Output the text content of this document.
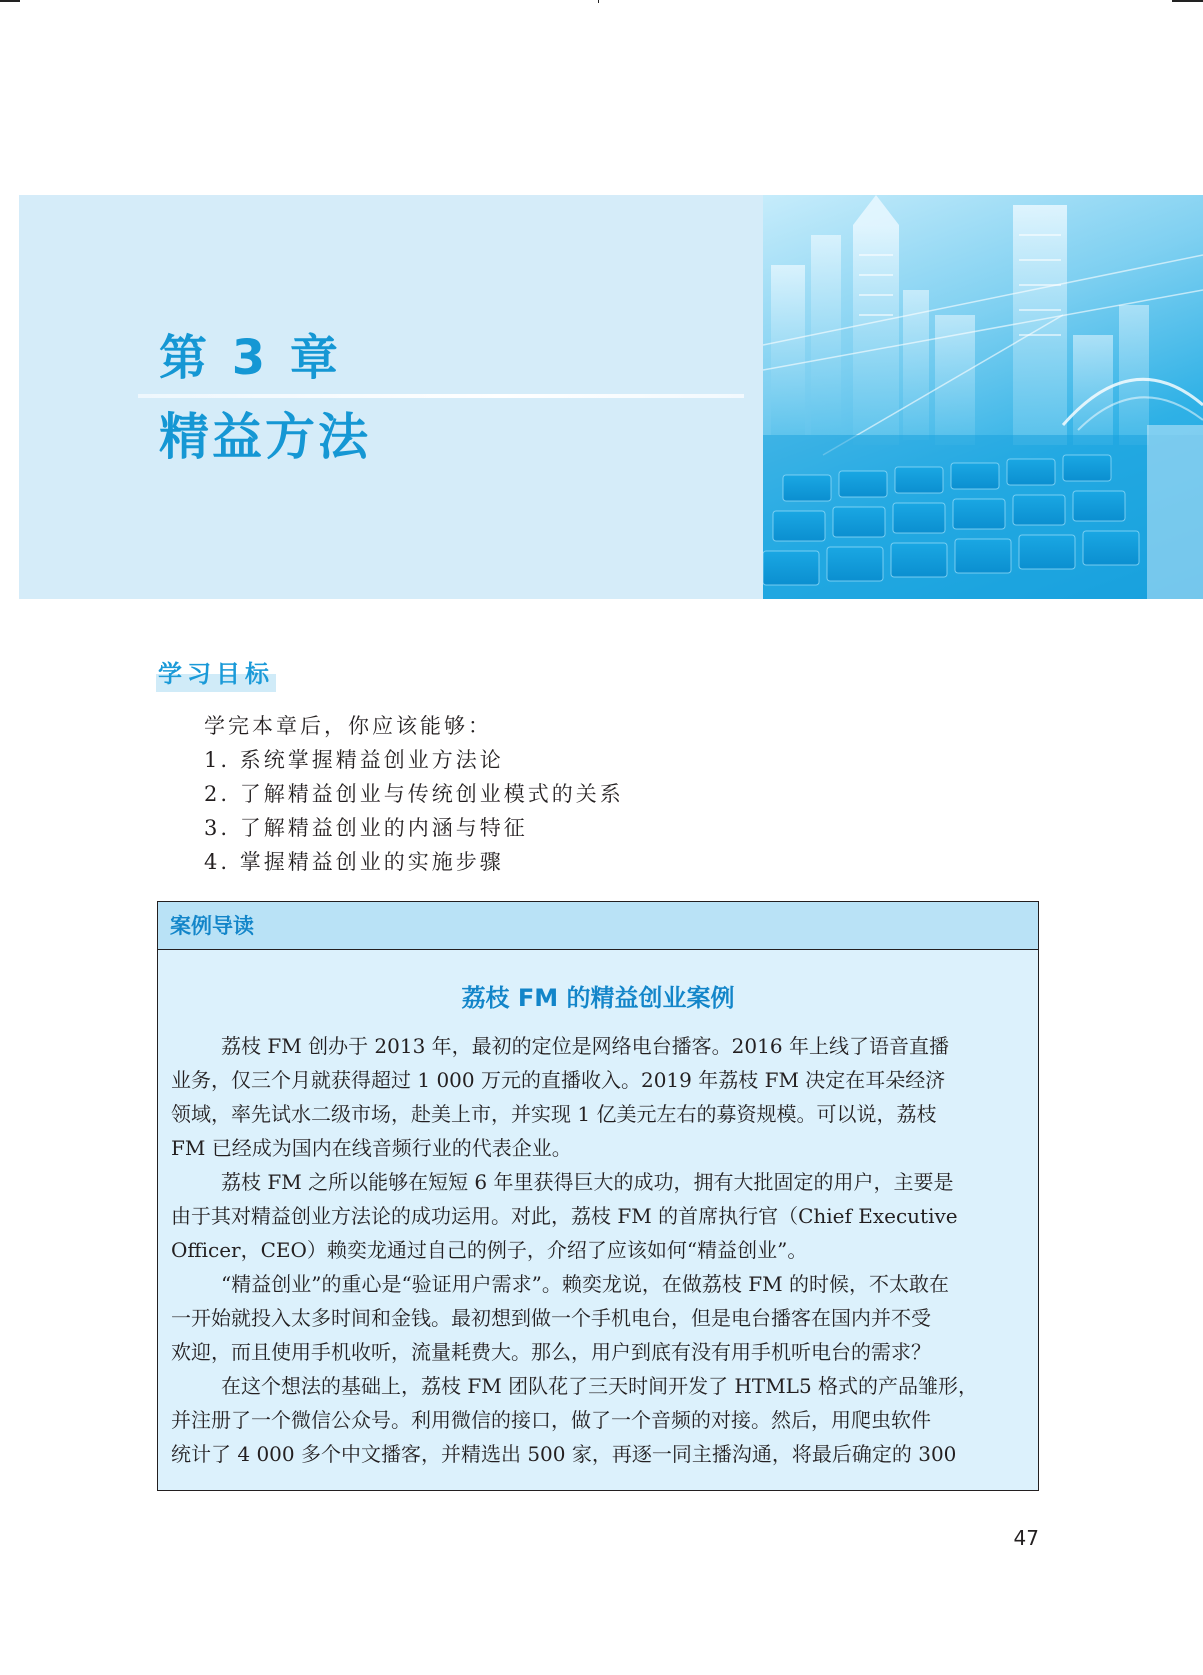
第 3 章
精益方法
学习目标
学完本章后，你应该能够：
1. 系统掌握精益创业方法论
2. 了解精益创业与传统创业模式的关系
3. 了解精益创业的内涵与特征
4. 掌握精益创业的实施步骤
案例导读
荔枝 FM 的精益创业案例
荔枝 FM 创办于 2013 年，最初的定位是网络电台播客。2016 年上线了语音直播
业务，仅三个月就获得超过 1 000 万元的直播收入。2019 年荔枝 FM 决定在耳朵经济
领域，率先试水二级市场，赴美上市，并实现 1 亿美元左右的募资规模。可以说，荔枝
FM 已经成为国内在线音频行业的代表企业。
荔枝 FM 之所以能够在短短 6 年里获得巨大的成功，拥有大批固定的用户，主要是
由于其对精益创业方法论的成功运用。对此，荔枝 FM 的首席执行官（Chief Executive
Officer，CEO）赖奕龙通过自己的例子，介绍了应该如何“精益创业”。
“精益创业”的重心是“验证用户需求”。赖奕龙说，在做荔枝 FM 的时候，不太敢在
一开始就投入太多时间和金钱。最初想到做一个手机电台，但是电台播客在国内并不受
欢迎，而且使用手机收听，流量耗费大。那么，用户到底有没有用手机听电台的需求？
在这个想法的基础上，荔枝 FM 团队花了三天时间开发了 HTML5 格式的产品雏形，
并注册了一个微信公众号。利用微信的接口，做了一个音频的对接。然后，用爬虫软件
统计了 4 000 多个中文播客，并精选出 500 家，再逐一同主播沟通，将最后确定的 300
47
